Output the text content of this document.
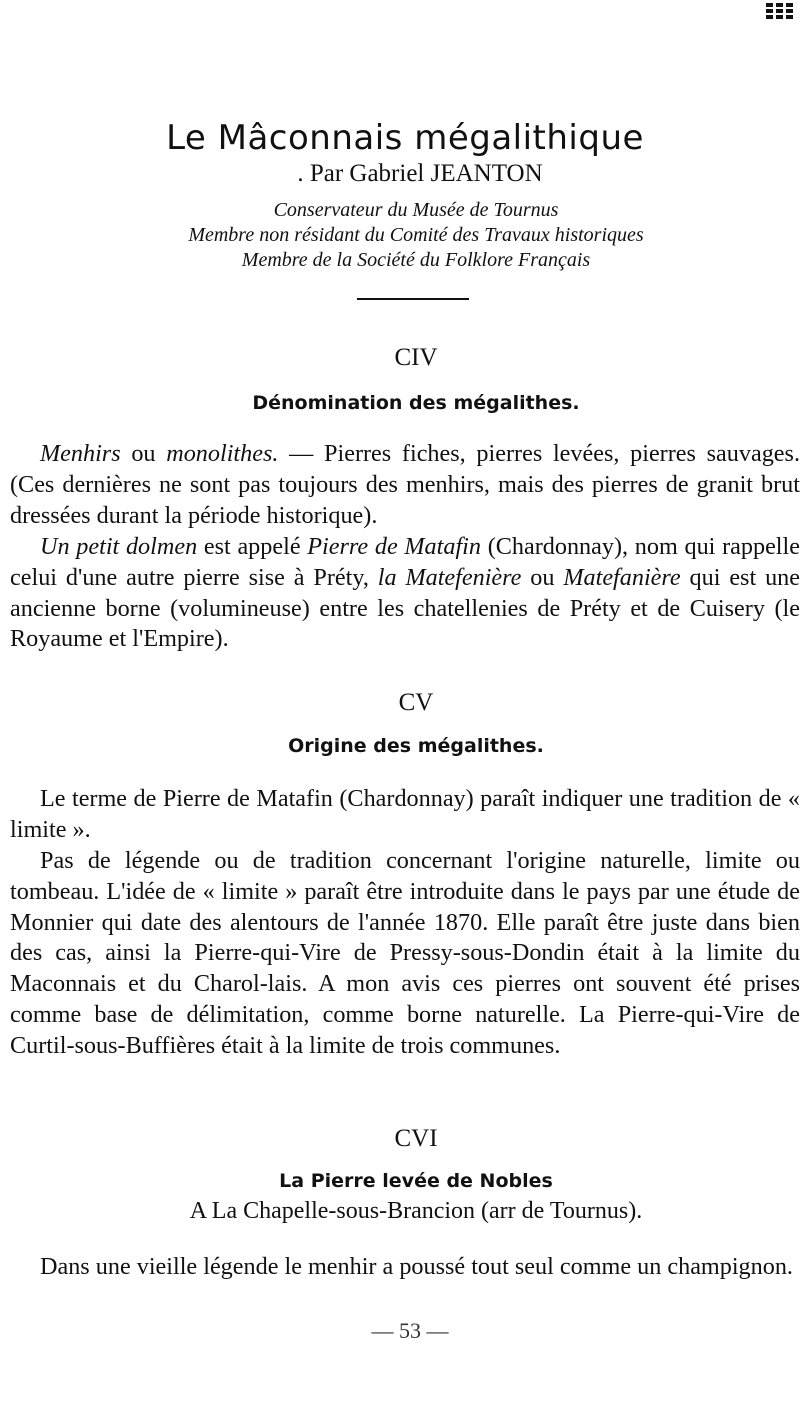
Le Mâconnais mégalithique
. Par Gabriel JEANTON
Conservateur du Musée de Tournus
Membre non résidant du Comité des Travaux historiques
Membre de la Société du Folklore Français
CIV
Dénomination des mégalithes.

Menhirs ou monolithes. — Pierres fiches, pierres levées, pierres sauvages. (Ces dernières ne sont pas toujours des menhirs, mais des pierres de granit brut dressées durant la période historique).

Un petit dolmen est appelé Pierre de Matafin (Chardonnay), nom qui rappelle celui d'une autre pierre sise à Préty, la Matefenière ou Matefanière qui est une ancienne borne (volumineuse) entre les chatellenies de Préty et de Cuisery (le Royaume et l'Empire).

CV
Origine des mégalithes.

Le terme de Pierre de Matafin (Chardonnay) paraît indiquer une tradition de « limite ».

Pas de légende ou de tradition concernant l'origine naturelle, limite ou tombeau. L'idée de « limite » paraît être introduite dans le pays par une étude de Monnier qui date des alentours de l'année 1870. Elle paraît être juste dans bien des cas, ainsi la Pierre-qui-Vire de Pressy-sous-Dondin était à la limite du Maconnais et du Charol-lais. A mon avis ces pierres ont souvent été prises comme base de délimitation, comme borne naturelle. La Pierre-qui-Vire de Curtil-sous-Buffières était à la limite de trois communes.

CVI
La Pierre levée de Nobles
A La Chapelle-sous-Brancion (arr de Tournus).

Dans une vieille légende le menhir a poussé tout seul comme un champignon.

— 53 —
